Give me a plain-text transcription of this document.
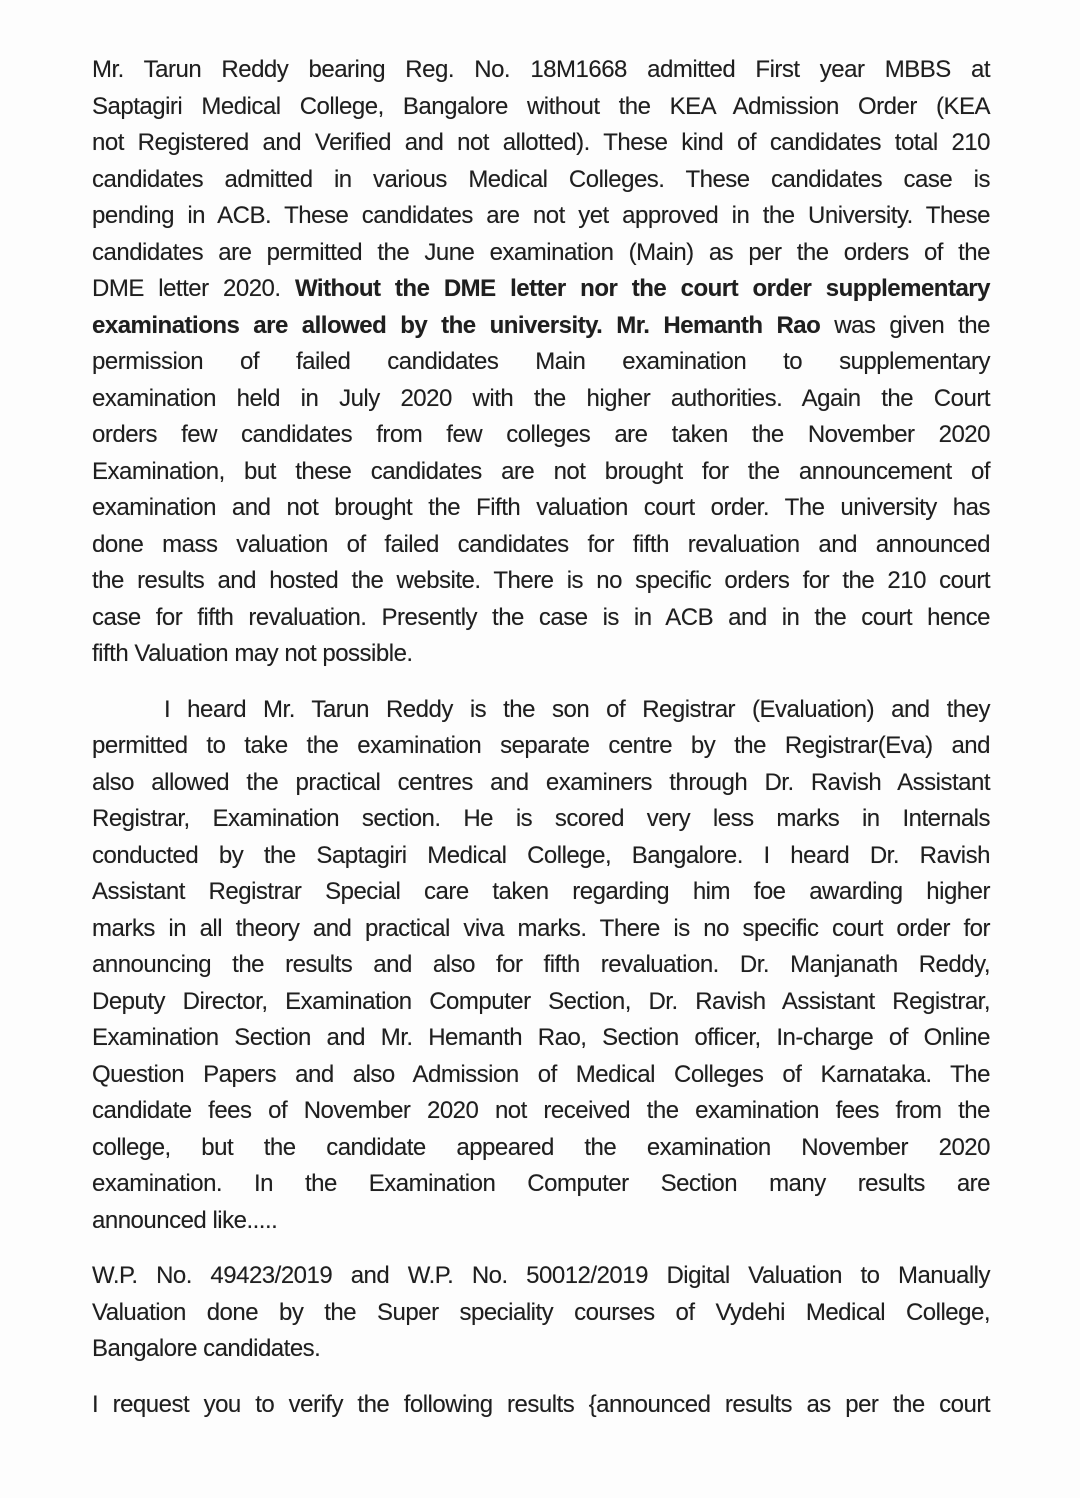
Mr. Tarun Reddy bearing Reg. No. 18M1668 admitted First year MBBS at
Saptagiri Medical College, Bangalore without the KEA Admission Order (KEA
not Registered and Verified and not allotted). These kind of candidates total 210
candidates admitted in various Medical Colleges. These candidates case is
pending in ACB. These candidates are not yet approved in the University. These
candidates are permitted the June examination (Main) as per the orders of the
DME letter 2020. Without the DME letter nor the court order supplementary
examinations are allowed by the university. Mr. Hemanth Rao was given the
permission of failed candidates Main examination to supplementary
examination held in July 2020 with the higher authorities. Again the Court
orders few candidates from few colleges are taken the November 2020
Examination, but these candidates are not brought for the announcement of
examination and not brought the Fifth valuation court order. The university has
done mass valuation of failed candidates for fifth revaluation and announced
the results and hosted the website. There is no specific orders for the 210 court
case for fifth revaluation. Presently the case is in ACB and in the court hence
fifth Valuation may not possible.
I heard Mr. Tarun Reddy is the son of Registrar (Evaluation) and they
permitted to take the examination separate centre by the Registrar(Eva) and
also allowed the practical centres and examiners through Dr. Ravish Assistant
Registrar, Examination section. He is scored very less marks in Internals
conducted by the Saptagiri Medical College, Bangalore. I heard Dr. Ravish
Assistant Registrar Special care taken regarding him foe awarding higher
marks in all theory and practical viva marks. There is no specific court order for
announcing the results and also for fifth revaluation. Dr. Manjanath Reddy,
Deputy Director, Examination Computer Section, Dr. Ravish Assistant Registrar,
Examination Section and Mr. Hemanth Rao, Section officer, In-charge of Online
Question Papers and also Admission of Medical Colleges of Karnataka. The
candidate fees of November 2020 not received the examination fees from the
college, but the candidate appeared the examination November 2020
examination. In the Examination Computer Section many results are
announced like.....
W.P. No. 49423/2019 and W.P. No. 50012/2019 Digital Valuation to Manually
Valuation done by the Super speciality courses of Vydehi Medical College,
Bangalore candidates.
I request you to verify the following results {announced results as per the court
